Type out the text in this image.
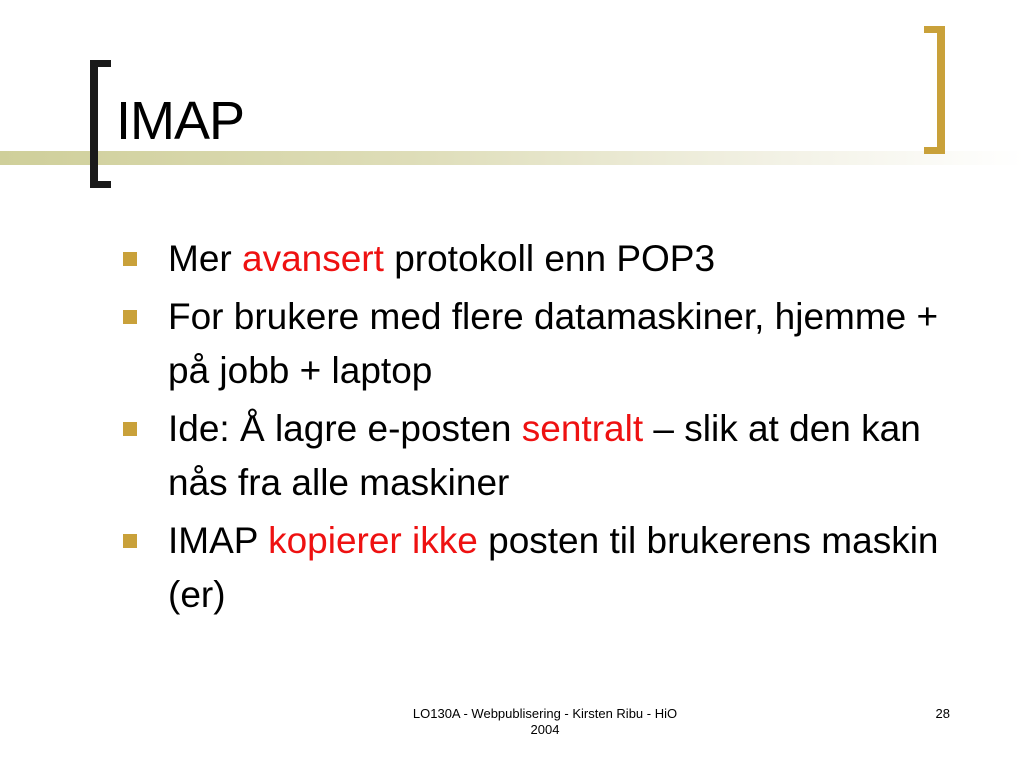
IMAP
Mer avansert protokoll enn POP3
For brukere med flere datamaskiner, hjemme + på jobb + laptop
Ide: Å lagre e-posten sentralt – slik at den kan nås fra alle maskiner
IMAP kopierer ikke posten til brukerens maskin (er)
LO130A - Webpublisering - Kirsten Ribu - HiO
2004
28
